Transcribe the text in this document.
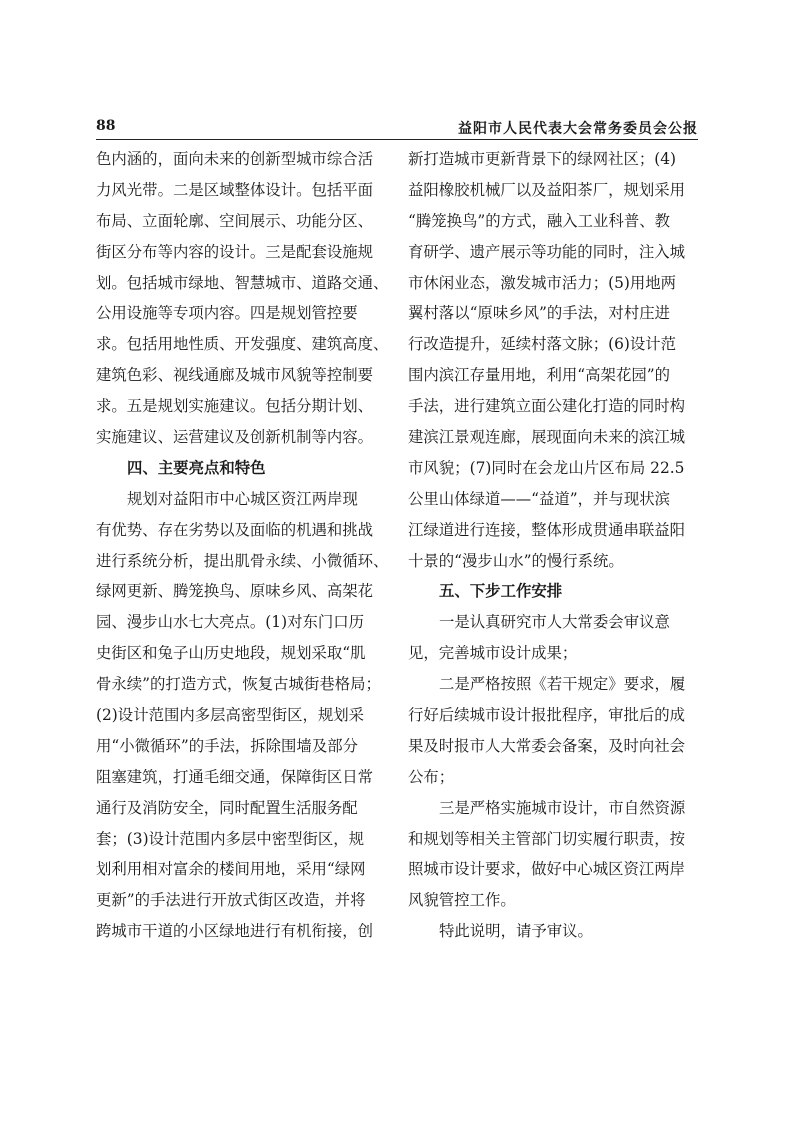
88	益阳市人民代表大会常务委员会公报
色内涵的，面向未来的创新型城市综合活
力风光带。二是区域整体设计。包括平面
布局、立面轮廓、空间展示、功能分区、
街区分布等内容的设计。三是配套设施规
划。包括城市绿地、智慧城市、道路交通、
公用设施等专项内容。四是规划管控要
求。包括用地性质、开发强度、建筑高度、
建筑色彩、视线通廊及城市风貌等控制要
求。五是规划实施建议。包括分期计划、
实施建议、运营建议及创新机制等内容。
四、主要亮点和特色
规划对益阳市中心城区资江两岸现
有优势、存在劣势以及面临的机遇和挑战
进行系统分析，提出肌骨永续、小微循环、
绿网更新、腾笼换鸟、原味乡风、高架花
园、漫步山水七大亮点。(1)对东门口历
史街区和兔子山历史地段，规划采取“肌
骨永续”的打造方式，恢复古城街巷格局；
(2)设计范围内多层高密型街区，规划采
用“小微循环”的手法，拆除围墙及部分
阻塞建筑，打通毛细交通，保障街区日常
通行及消防安全，同时配置生活服务配
套；(3)设计范围内多层中密型街区，规
划利用相对富余的楼间用地，采用“绿网
更新”的手法进行开放式街区改造，并将
跨城市干道的小区绿地进行有机衔接，创
新打造城市更新背景下的绿网社区；(4)
益阳橡胶机械厂以及益阳茶厂，规划采用
“腾笼换鸟”的方式，融入工业科普、教
育研学、遗产展示等功能的同时，注入城
市休闲业态，激发城市活力；(5)用地两
翼村落以“原味乡风”的手法，对村庄进
行改造提升，延续村落文脉；(6)设计范
围内滨江存量用地，利用“高架花园”的
手法，进行建筑立面公建化打造的同时构
建滨江景观连廊，展现面向未来的滨江城
市风貌；(7)同时在会龙山片区布局 22.5
公里山体绿道——“益道”，并与现状滨
江绿道进行连接，整体形成贯通串联益阳
十景的“漫步山水”的慢行系统。
五、下步工作安排
一是认真研究市人大常委会审议意
见，完善城市设计成果；
二是严格按照《若干规定》要求，履
行好后续城市设计报批程序，审批后的成
果及时报市人大常委会备案，及时向社会
公布；
三是严格实施城市设计，市自然资源
和规划等相关主管部门切实履行职责，按
照城市设计要求，做好中心城区资江两岸
风貌管控工作。
特此说明，请予审议。
